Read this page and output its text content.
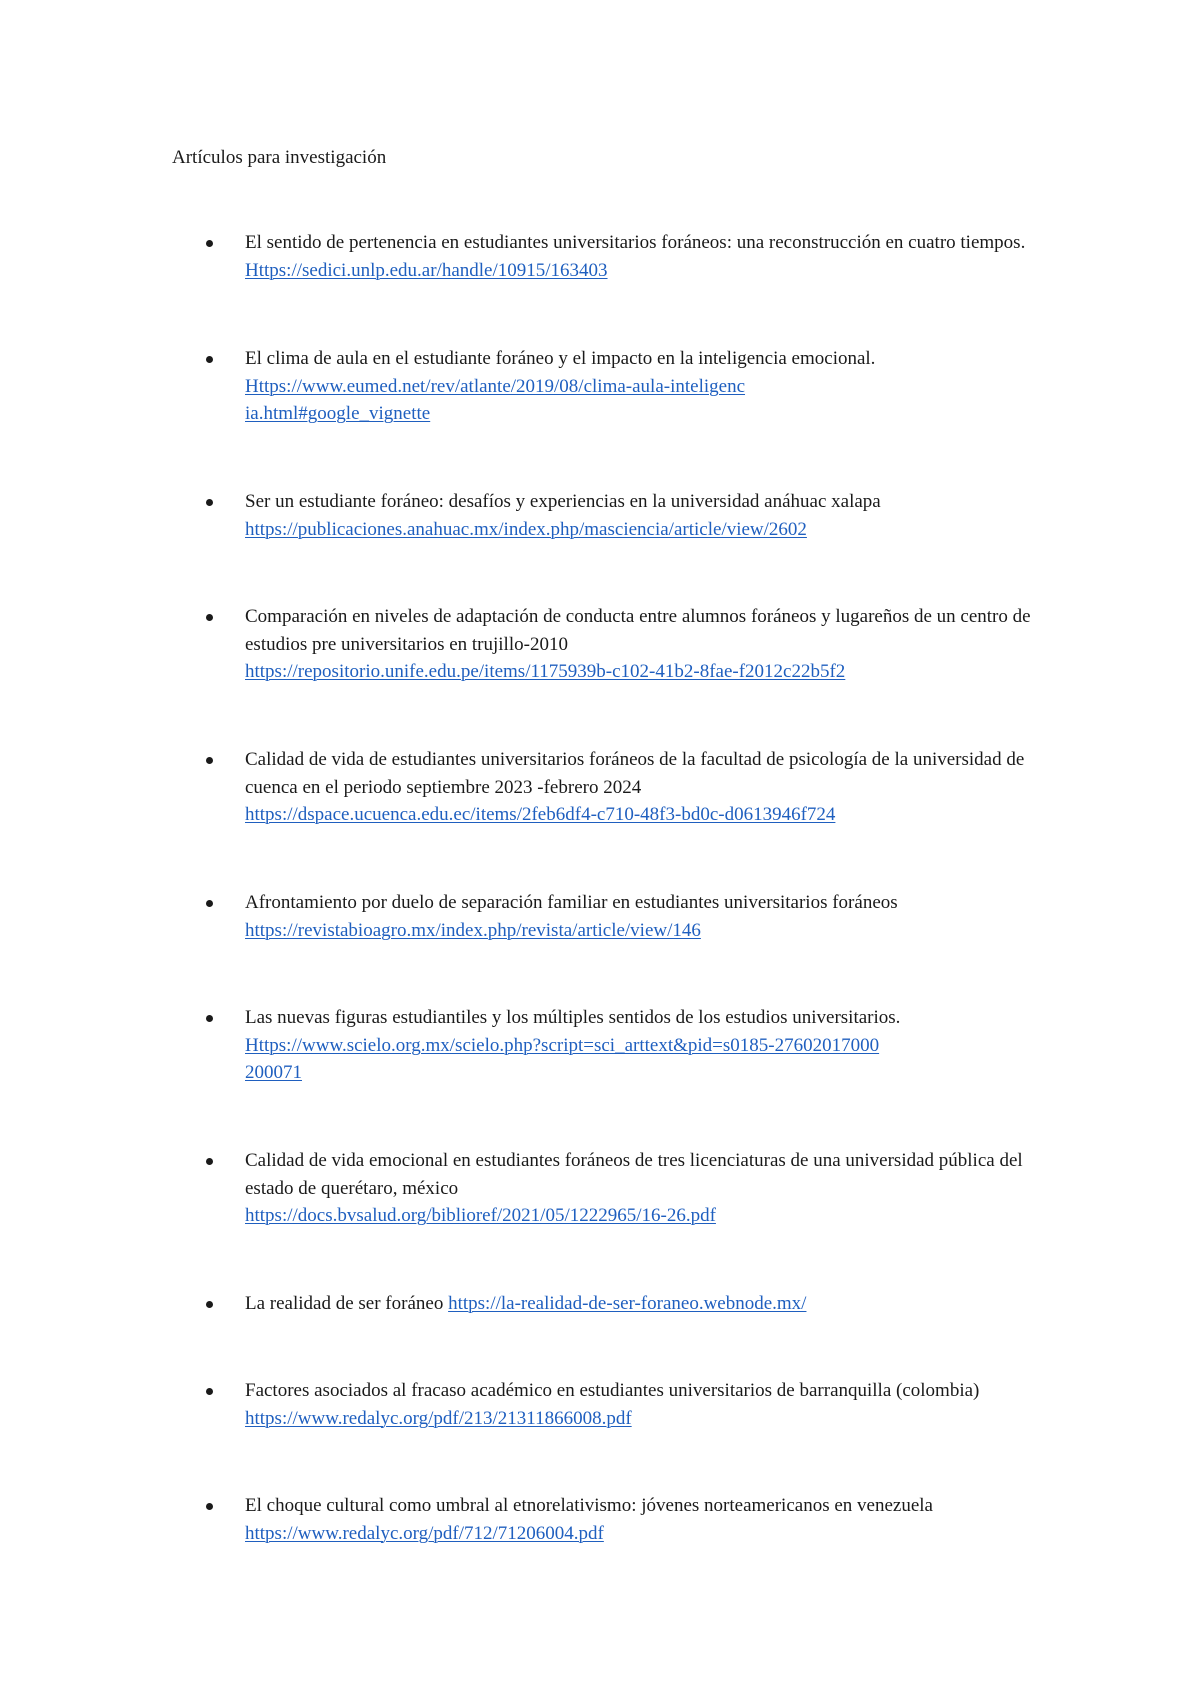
Artículos para investigación
El sentido de pertenencia en estudiantes universitarios foráneos: una reconstrucción en cuatro tiempos. Https://sedici.unlp.edu.ar/handle/10915/163403
El clima de aula en el estudiante foráneo y el impacto en la inteligencia emocional.
Https://www.eumed.net/rev/atlante/2019/08/clima-aula-inteligencia.html#google_vignette
Ser un estudiante foráneo: desafíos y experiencias en la universidad anáhuac xalapa
https://publicaciones.anahuac.mx/index.php/masciencia/article/view/2602
Comparación en niveles de adaptación de conducta entre alumnos foráneos y lugareños de un centro de estudios pre universitarios en trujillo-2010
https://repositorio.unife.edu.pe/items/1175939b-c102-41b2-8fae-f2012c22b5f2
Calidad de vida de estudiantes universitarios foráneos de la facultad de psicología de la universidad de cuenca en el periodo septiembre 2023 -febrero 2024
https://dspace.ucuenca.edu.ec/items/2feb6df4-c710-48f3-bd0c-d0613946f724
Afrontamiento por duelo de separación familiar en estudiantes universitarios foráneos
https://revistabioagro.mx/index.php/revista/article/view/146
Las nuevas figuras estudiantiles y los múltiples sentidos de los estudios universitarios.
Https://www.scielo.org.mx/scielo.php?script=sci_arttext&pid=s0185-27602017000200071
Calidad de vida emocional en estudiantes foráneos de tres licenciaturas de una universidad pública del estado de querétaro, méxico
https://docs.bvsalud.org/biblioref/2021/05/1222965/16-26.pdf
La realidad de ser foráneo https://la-realidad-de-ser-foraneo.webnode.mx/
Factores asociados al fracaso académico en estudiantes universitarios de barranquilla (colombia) https://www.redalyc.org/pdf/213/21311866008.pdf
El choque cultural como umbral al etnorelativismo: jóvenes norteamericanos en venezuela https://www.redalyc.org/pdf/712/71206004.pdf
